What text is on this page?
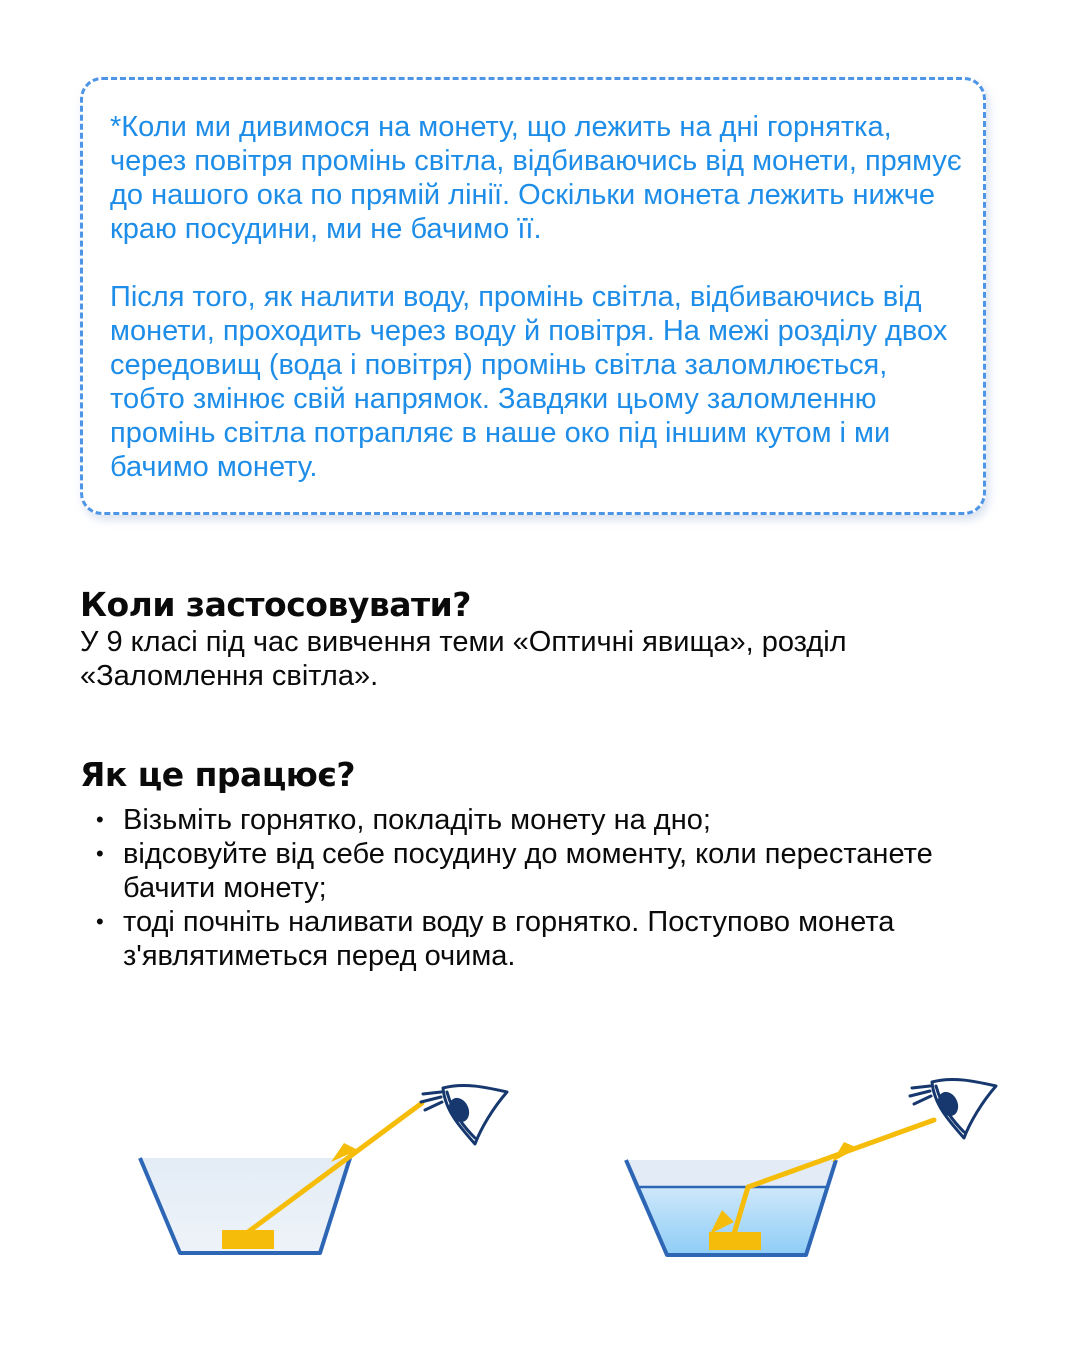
*Коли ми дивимося на монету, що лежить на дні горнятка, через повітря промінь світла, відбиваючись від монети, прямує до нашого ока по прямій лінії. Оскільки монета лежить нижче краю посудини, ми не бачимо її.

Після того, як налити воду, промінь світла, відбиваючись від монети, проходить через воду й повітря. На межі розділу двох середовищ (вода і повітря) промінь світла заломлюється, тобто змінює свій напрямок. Завдяки цьому заломленню промінь світла потрапляє в наше око під іншим кутом і ми бачимо монету.

Коли застосовувати?

У 9 класі під час вивчення теми «Оптичні явища», розділ «Заломлення світла».

Як це працює?
• Візьміть горнятко, покладіть монету на дно;
• відсовуйте від себе посудину до моменту, коли перестанете бачити монету;
• тоді почніть наливати воду в горнятко. Поступово монета з'являтиметься перед очима.
